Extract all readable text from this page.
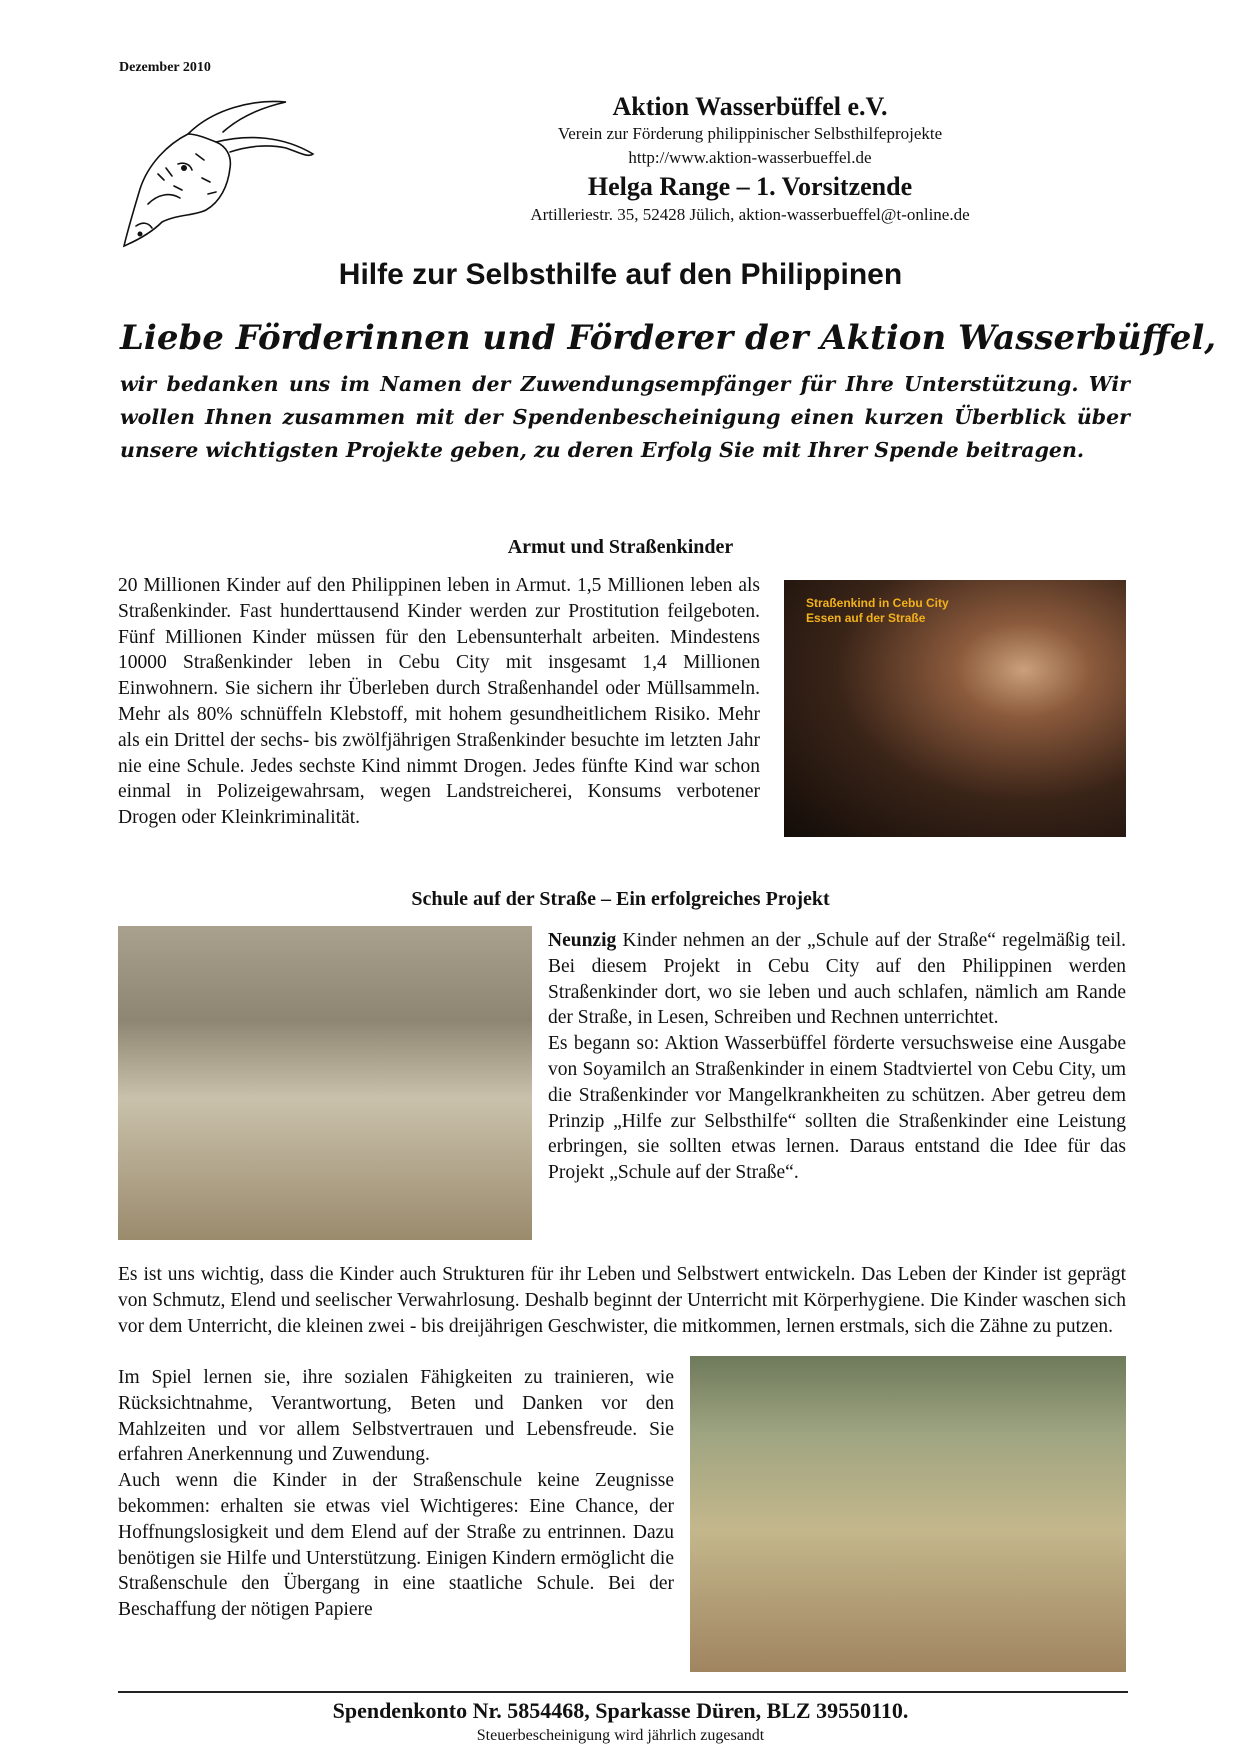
Dezember 2010
Aktion Wasserbüffel e.V.
Verein zur Förderung philippinischer Selbsthilfeprojekte
http://www.aktion-wasserbueffel.de
Helga Range – 1. Vorsitzende
Artilleriestr. 35, 52428 Jülich, aktion-wasserbueffel@t-online.de
Hilfe zur Selbsthilfe auf den Philippinen
Liebe Förderinnen und Förderer der Aktion Wasserbüffel,
wir bedanken uns im Namen der Zuwendungsempfänger für Ihre Unterstützung. Wir wollen Ihnen zusammen mit der Spendenbescheinigung einen kurzen Überblick über unsere wichtigsten Projekte geben, zu deren Erfolg Sie mit Ihrer Spende beitragen.
Armut und Straßenkinder
20 Millionen Kinder auf den Philippinen leben in Armut. 1,5 Millionen leben als Straßenkinder. Fast hunderttausend Kinder werden zur Prostitution feilgeboten. Fünf Millionen Kinder müssen für den Lebensunterhalt arbeiten. Mindestens 10000 Straßenkinder leben in Cebu City mit insgesamt 1,4 Millionen Einwohnern. Sie sichern ihr Überleben durch Straßenhandel oder Müllsammeln. Mehr als 80% schnüffeln Klebstoff, mit hohem gesundheitlichem Risiko. Mehr als ein Drittel der sechs- bis zwölfjährigen Straßenkinder besuchte im letzten Jahr nie eine Schule. Jedes sechste Kind nimmt Drogen. Jedes fünfte Kind war schon einmal in Polizeigewahrsam, wegen Landstreicherei, Konsums verbotener Drogen oder Kleinkriminalität.
Straßenkind in Cebu City
Essen auf der Straße
Schule auf der Straße – Ein erfolgreiches Projekt
Neunzig Kinder nehmen an der „Schule auf der Straße“ regelmäßig teil. Bei diesem Projekt in Cebu City auf den Philippinen werden Straßenkinder dort, wo sie leben und auch schlafen, nämlich am Rande der Straße, in Lesen, Schreiben und Rechnen unterrichtet.
Es begann so: Aktion Wasserbüffel förderte versuchsweise eine Ausgabe von Soyamilch an Straßenkinder in einem Stadtviertel von Cebu City, um die Straßenkinder vor Mangelkrankheiten zu schützen. Aber getreu dem Prinzip „Hilfe zur Selbsthilfe“ sollten die Straßenkinder eine Leistung erbringen, sie sollten etwas lernen. Daraus entstand die Idee für das Projekt „Schule auf der Straße“.
Es ist uns wichtig, dass die Kinder auch Strukturen für ihr Leben und Selbstwert entwickeln. Das Leben der Kinder ist geprägt von Schmutz, Elend und seelischer Verwahrlosung. Deshalb beginnt der Unterricht mit Körperhygiene. Die Kinder waschen sich vor dem Unterricht, die kleinen zwei - bis dreijährigen Geschwister, die mitkommen, lernen erstmals, sich die Zähne zu putzen.
Im Spiel lernen sie, ihre sozialen Fähigkeiten zu trainieren, wie Rücksichtnahme, Verantwortung, Beten und Danken vor den Mahlzeiten und vor allem Selbstvertrauen und Lebensfreude. Sie erfahren Anerkennung und Zuwendung.
Auch wenn die Kinder in der Straßenschule keine Zeugnisse bekommen: erhalten sie etwas viel Wichtigeres: Eine Chance, der Hoffnungslosigkeit und dem Elend auf der Straße zu entrinnen. Dazu benötigen sie Hilfe und Unterstützung. Einigen Kindern ermöglicht die Straßenschule den Übergang in eine staatliche Schule. Bei der Beschaffung der nötigen Papiere
Spendenkonto Nr. 5854468, Sparkasse Düren, BLZ 39550110.
Steuerbescheinigung wird jährlich zugesandt
